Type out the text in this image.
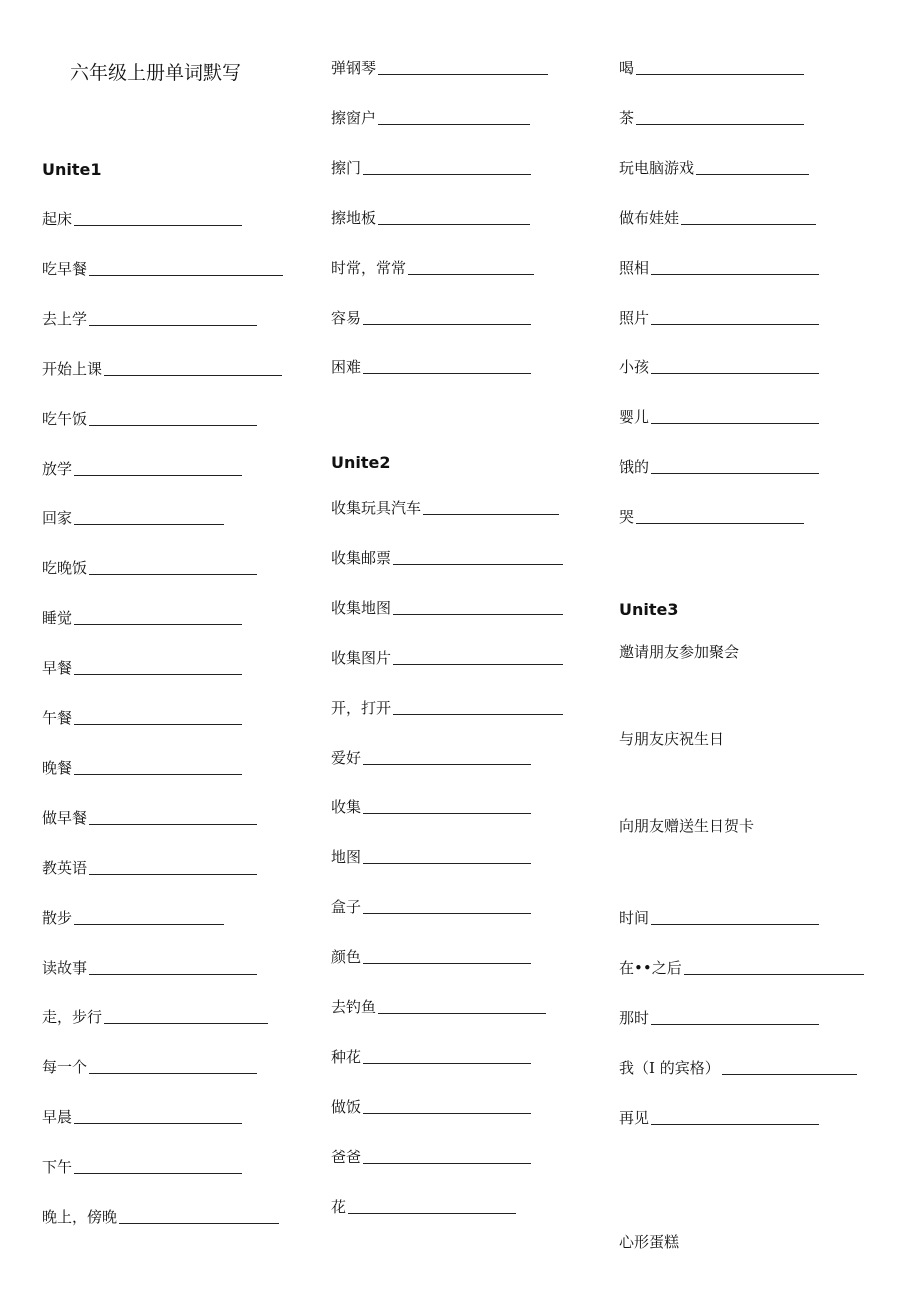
六年级上册单词默写
Unite1
起床
吃早餐
去上学
开始上课
吃午饭
放学
回家
吃晚饭
睡觉
早餐
午餐
晚餐
做早餐
教英语
散步
读故事
走，步行
每一个
早晨
下午
晚上，傍晚
弹钢琴
擦窗户
擦门
擦地板
时常，常常
容易
困难
Unite2
收集玩具汽车
收集邮票
收集地图
收集图片
开，打开
爱好
收集
地图
盒子
颜色
去钓鱼
种花
做饭
爸爸
花
喝
茶
玩电脑游戏
做布娃娃
照相
照片
小孩
婴儿
饿的
哭
Unite3
邀请朋友参加聚会
与朋友庆祝生日
向朋友赠送生日贺卡
时间
在••之后
那时
我（I 的宾格）
再见
心形蛋糕
